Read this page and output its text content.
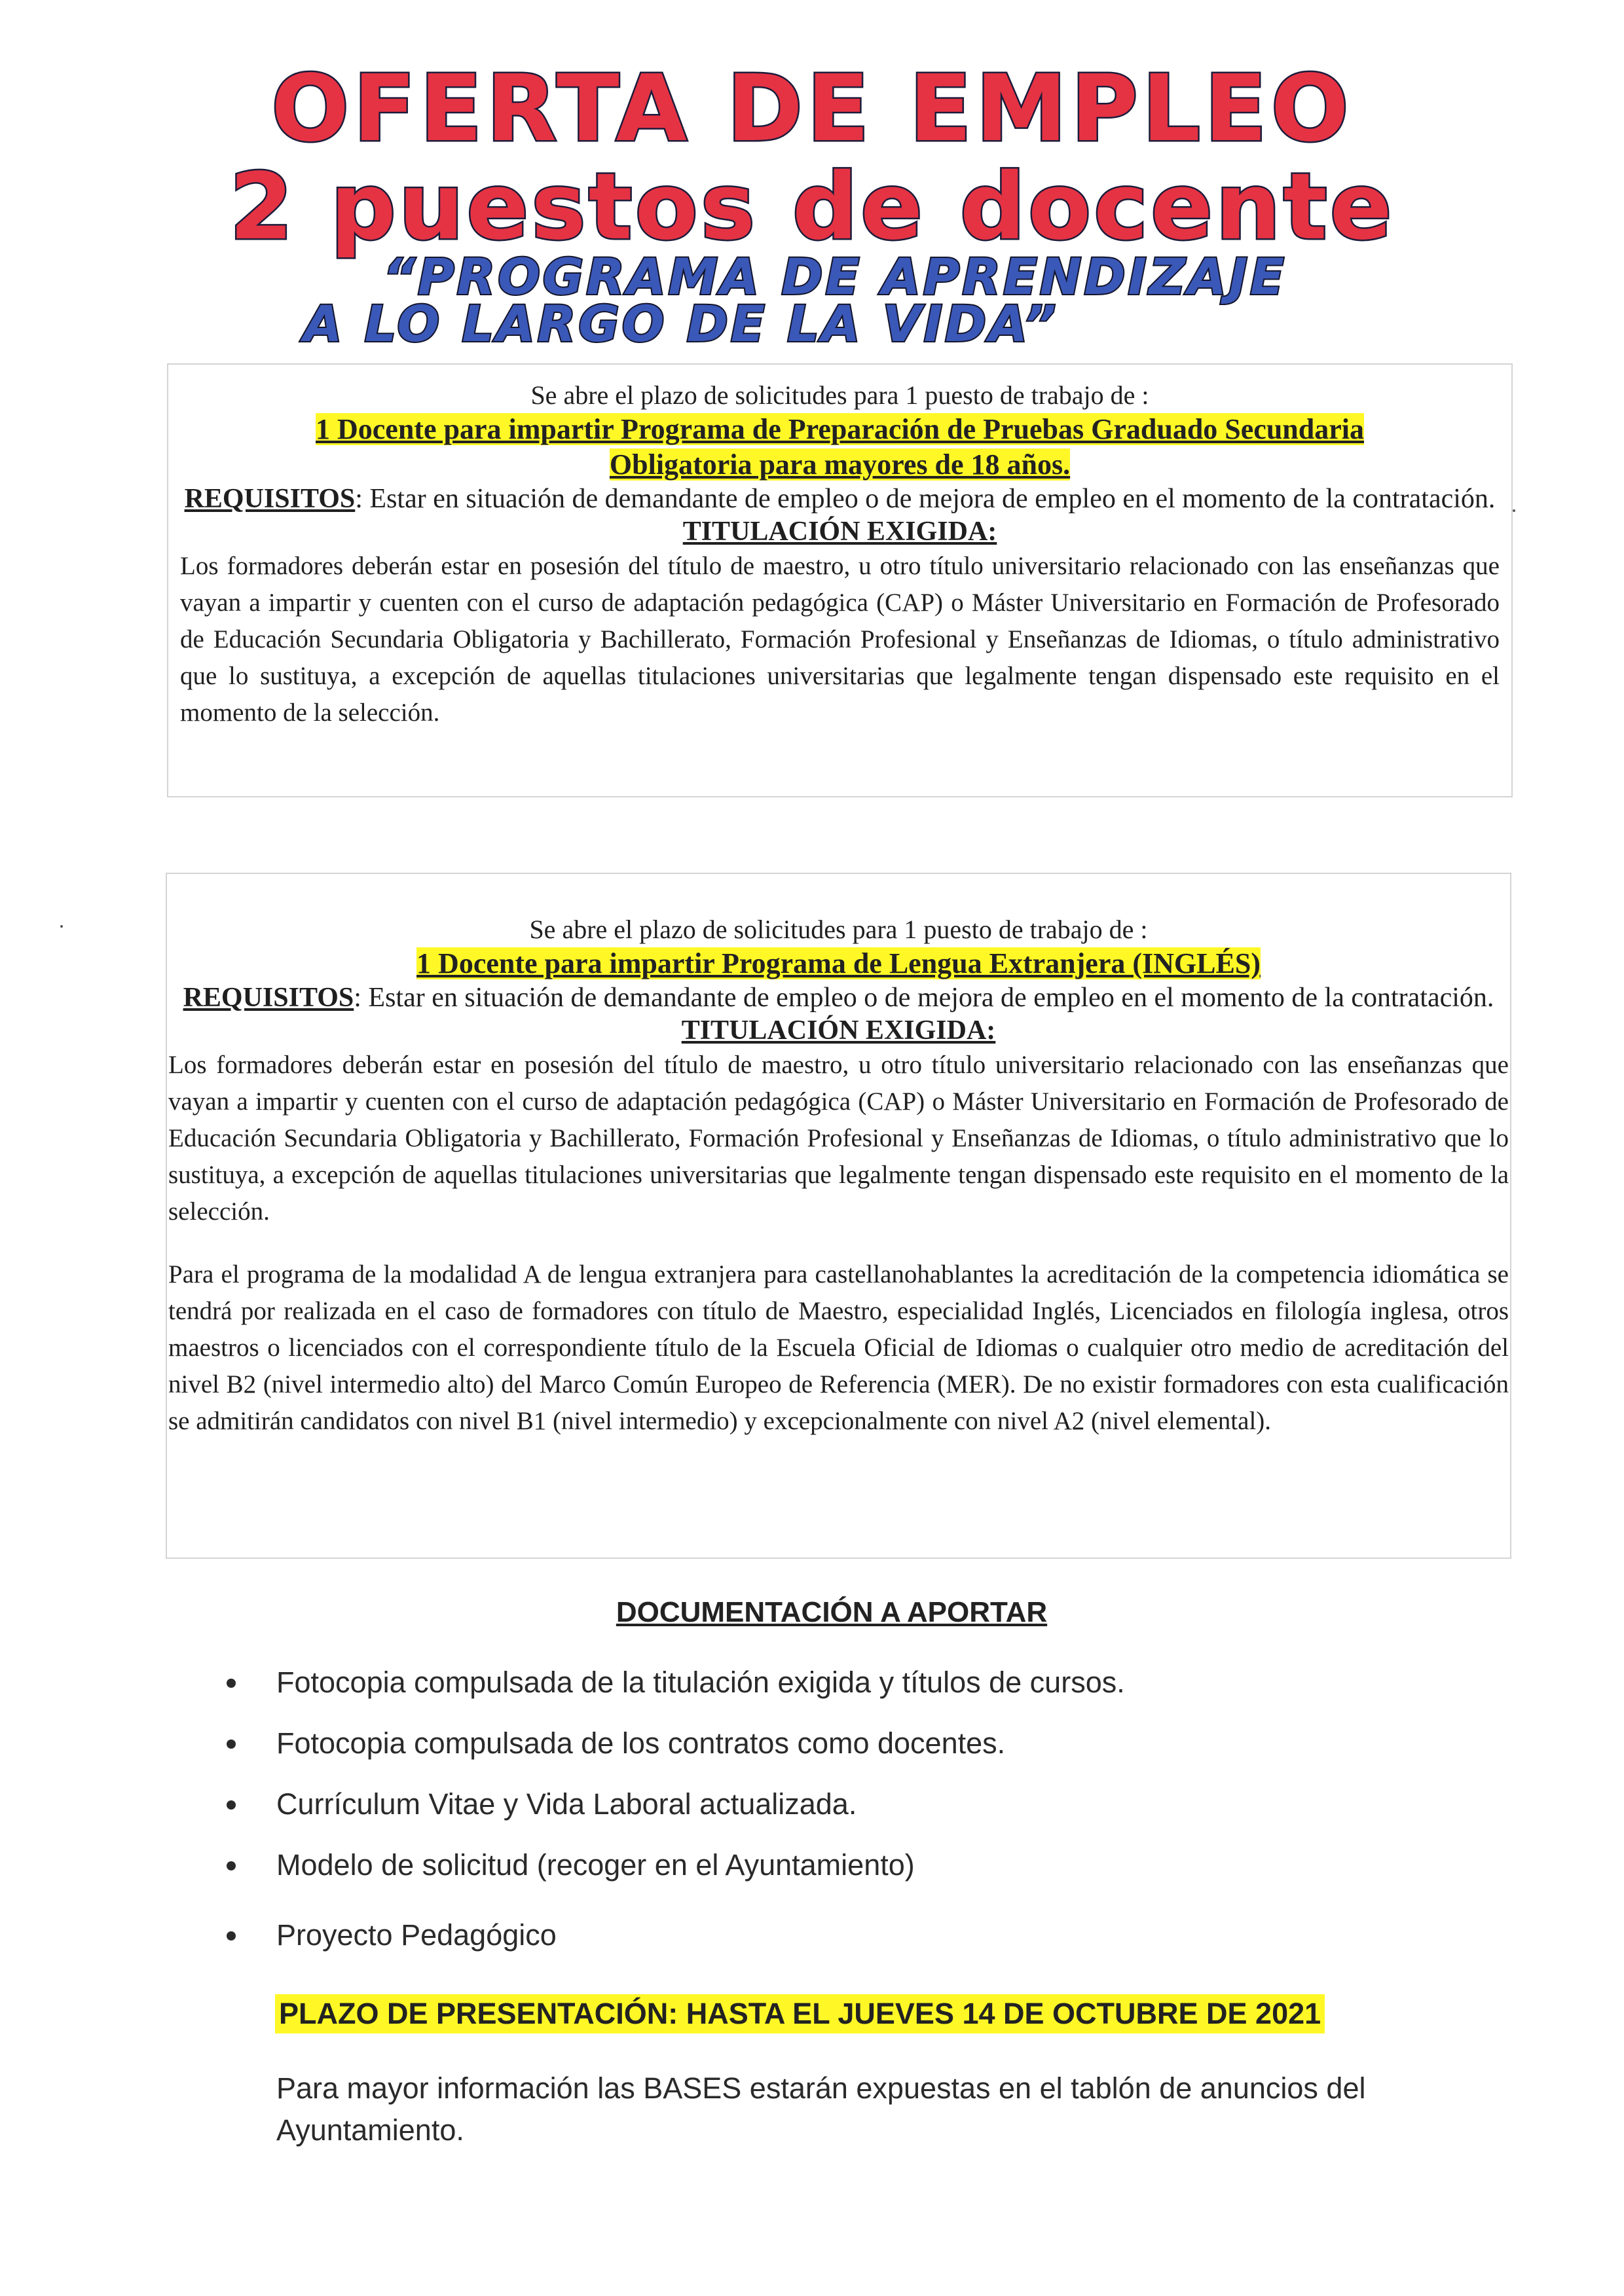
OFERTA DE EMPLEO
2 puestos de docente
“PROGRAMA DE APRENDIZAJE
A LO LARGO DE LA VIDA”

Se abre el plazo de solicitudes para 1 puesto de trabajo de :

1 Docente para impartir Programa de Preparación de Pruebas Graduado Secundaria
Obligatoria para mayores de 18 años.

REQUISITOS: Estar en situación de demandante de empleo o de mejora de empleo en el momento de la contratación.

TITULACIÓN EXIGIDA:

Los formadores deberán estar en posesión del título de maestro, u otro título universitario relacionado con las enseñanzas que vayan a impartir y cuenten con el curso de adaptación pedagógica (CAP) o Máster Universitario en Formación de Profesorado de Educación Secundaria Obligatoria y Bachillerato, Formación Profesional y Enseñanzas de Idiomas, o título administrativo que lo sustituya, a excepción de aquellas titulaciones universitarias que legalmente tengan dispensado este requisito en el momento de la selección.

Se abre el plazo de solicitudes para 1 puesto de trabajo de :

1 Docente para impartir Programa de Lengua Extranjera (INGLÉS)

REQUISITOS: Estar en situación de demandante de empleo o de mejora de empleo en el momento de la contratación.

TITULACIÓN EXIGIDA:

Los formadores deberán estar en posesión del título de maestro, u otro título universitario relacionado con las enseñanzas que vayan a impartir y cuenten con el curso de adaptación pedagógica (CAP) o Máster Universitario en Formación de Profesorado de Educación Secundaria Obligatoria y Bachillerato, Formación Profesional y Enseñanzas de Idiomas, o título administrativo que lo sustituya, a excepción de aquellas titulaciones universitarias que legalmente tengan dispensado este requisito en el momento de la selección.

Para el programa de la modalidad A de lengua extranjera para castellanohablantes la acreditación de la competencia idiomática se tendrá por realizada en el caso de formadores con título de Maestro, especialidad Inglés, Licenciados en filología inglesa, otros maestros o licenciados con el correspondiente título de la Escuela Oficial de Idiomas o cualquier otro medio de acreditación del nivel B2 (nivel intermedio alto) del Marco Común Europeo de Referencia (MER). De no existir formadores con esta cualificación se admitirán candidatos con nivel B1 (nivel intermedio) y excepcionalmente con nivel A2 (nivel elemental).

DOCUMENTACIÓN A APORTAR

Fotocopia compulsada de la titulación exigida y títulos de cursos.
Fotocopia compulsada de los contratos como docentes.
Currículum Vitae y Vida Laboral actualizada.
Modelo de solicitud (recoger en el Ayuntamiento)
Proyecto Pedagógico

PLAZO DE PRESENTACIÓN: HASTA EL JUEVES 14 DE OCTUBRE DE 2021

Para mayor información las BASES estarán expuestas en el tablón de anuncios del Ayuntamiento.
